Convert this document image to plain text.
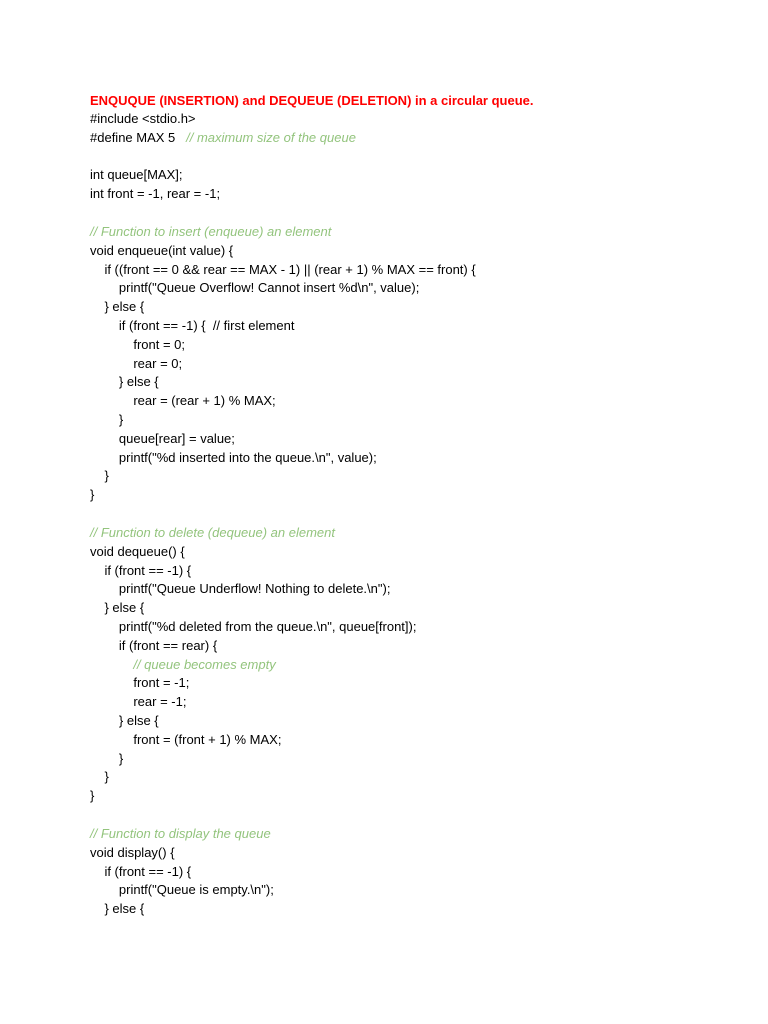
ENQUQUE (INSERTION) and DEQUEUE (DELETION) in a circular queue.
#include <stdio.h>
#define MAX 5   // maximum size of the queue
int queue[MAX];
int front = -1, rear = -1;
// Function to insert (enqueue) an element
void enqueue(int value) {
if ((front == 0 && rear == MAX - 1) || (rear + 1) % MAX == front) {
printf("Queue Overflow! Cannot insert %d\n", value);
} else {
if (front == -1) {  // first element
front = 0;
rear = 0;
} else {
rear = (rear + 1) % MAX;
}
queue[rear] = value;
printf("%d inserted into the queue.\n", value);
}
}
// Function to delete (dequeue) an element
void dequeue() {
if (front == -1) {
printf("Queue Underflow! Nothing to delete.\n");
} else {
printf("%d deleted from the queue.\n", queue[front]);
if (front == rear) {
// queue becomes empty
front = -1;
rear = -1;
} else {
front = (front + 1) % MAX;
}
}
}
// Function to display the queue
void display() {
if (front == -1) {
printf("Queue is empty.\n");
} else {
